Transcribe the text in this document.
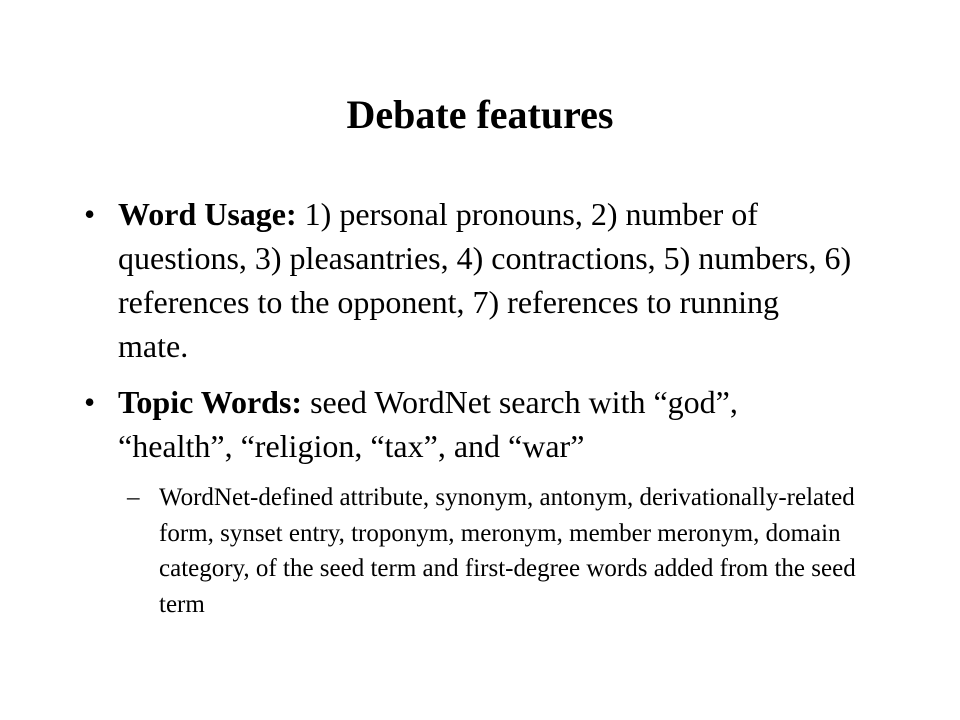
Debate features
• Word Usage: 1) personal pronouns, 2) number of questions, 3) pleasantries, 4) contractions, 5) numbers, 6) references to the opponent, 7) references to running mate.
• Topic Words: seed WordNet search with “god”, “health”, “religion, “tax”, and “war”
– WordNet-defined attribute, synonym, antonym, derivationally-related form, synset entry, troponym, meronym, member meronym, domain category, of the seed term and first-degree words added from the seed term
